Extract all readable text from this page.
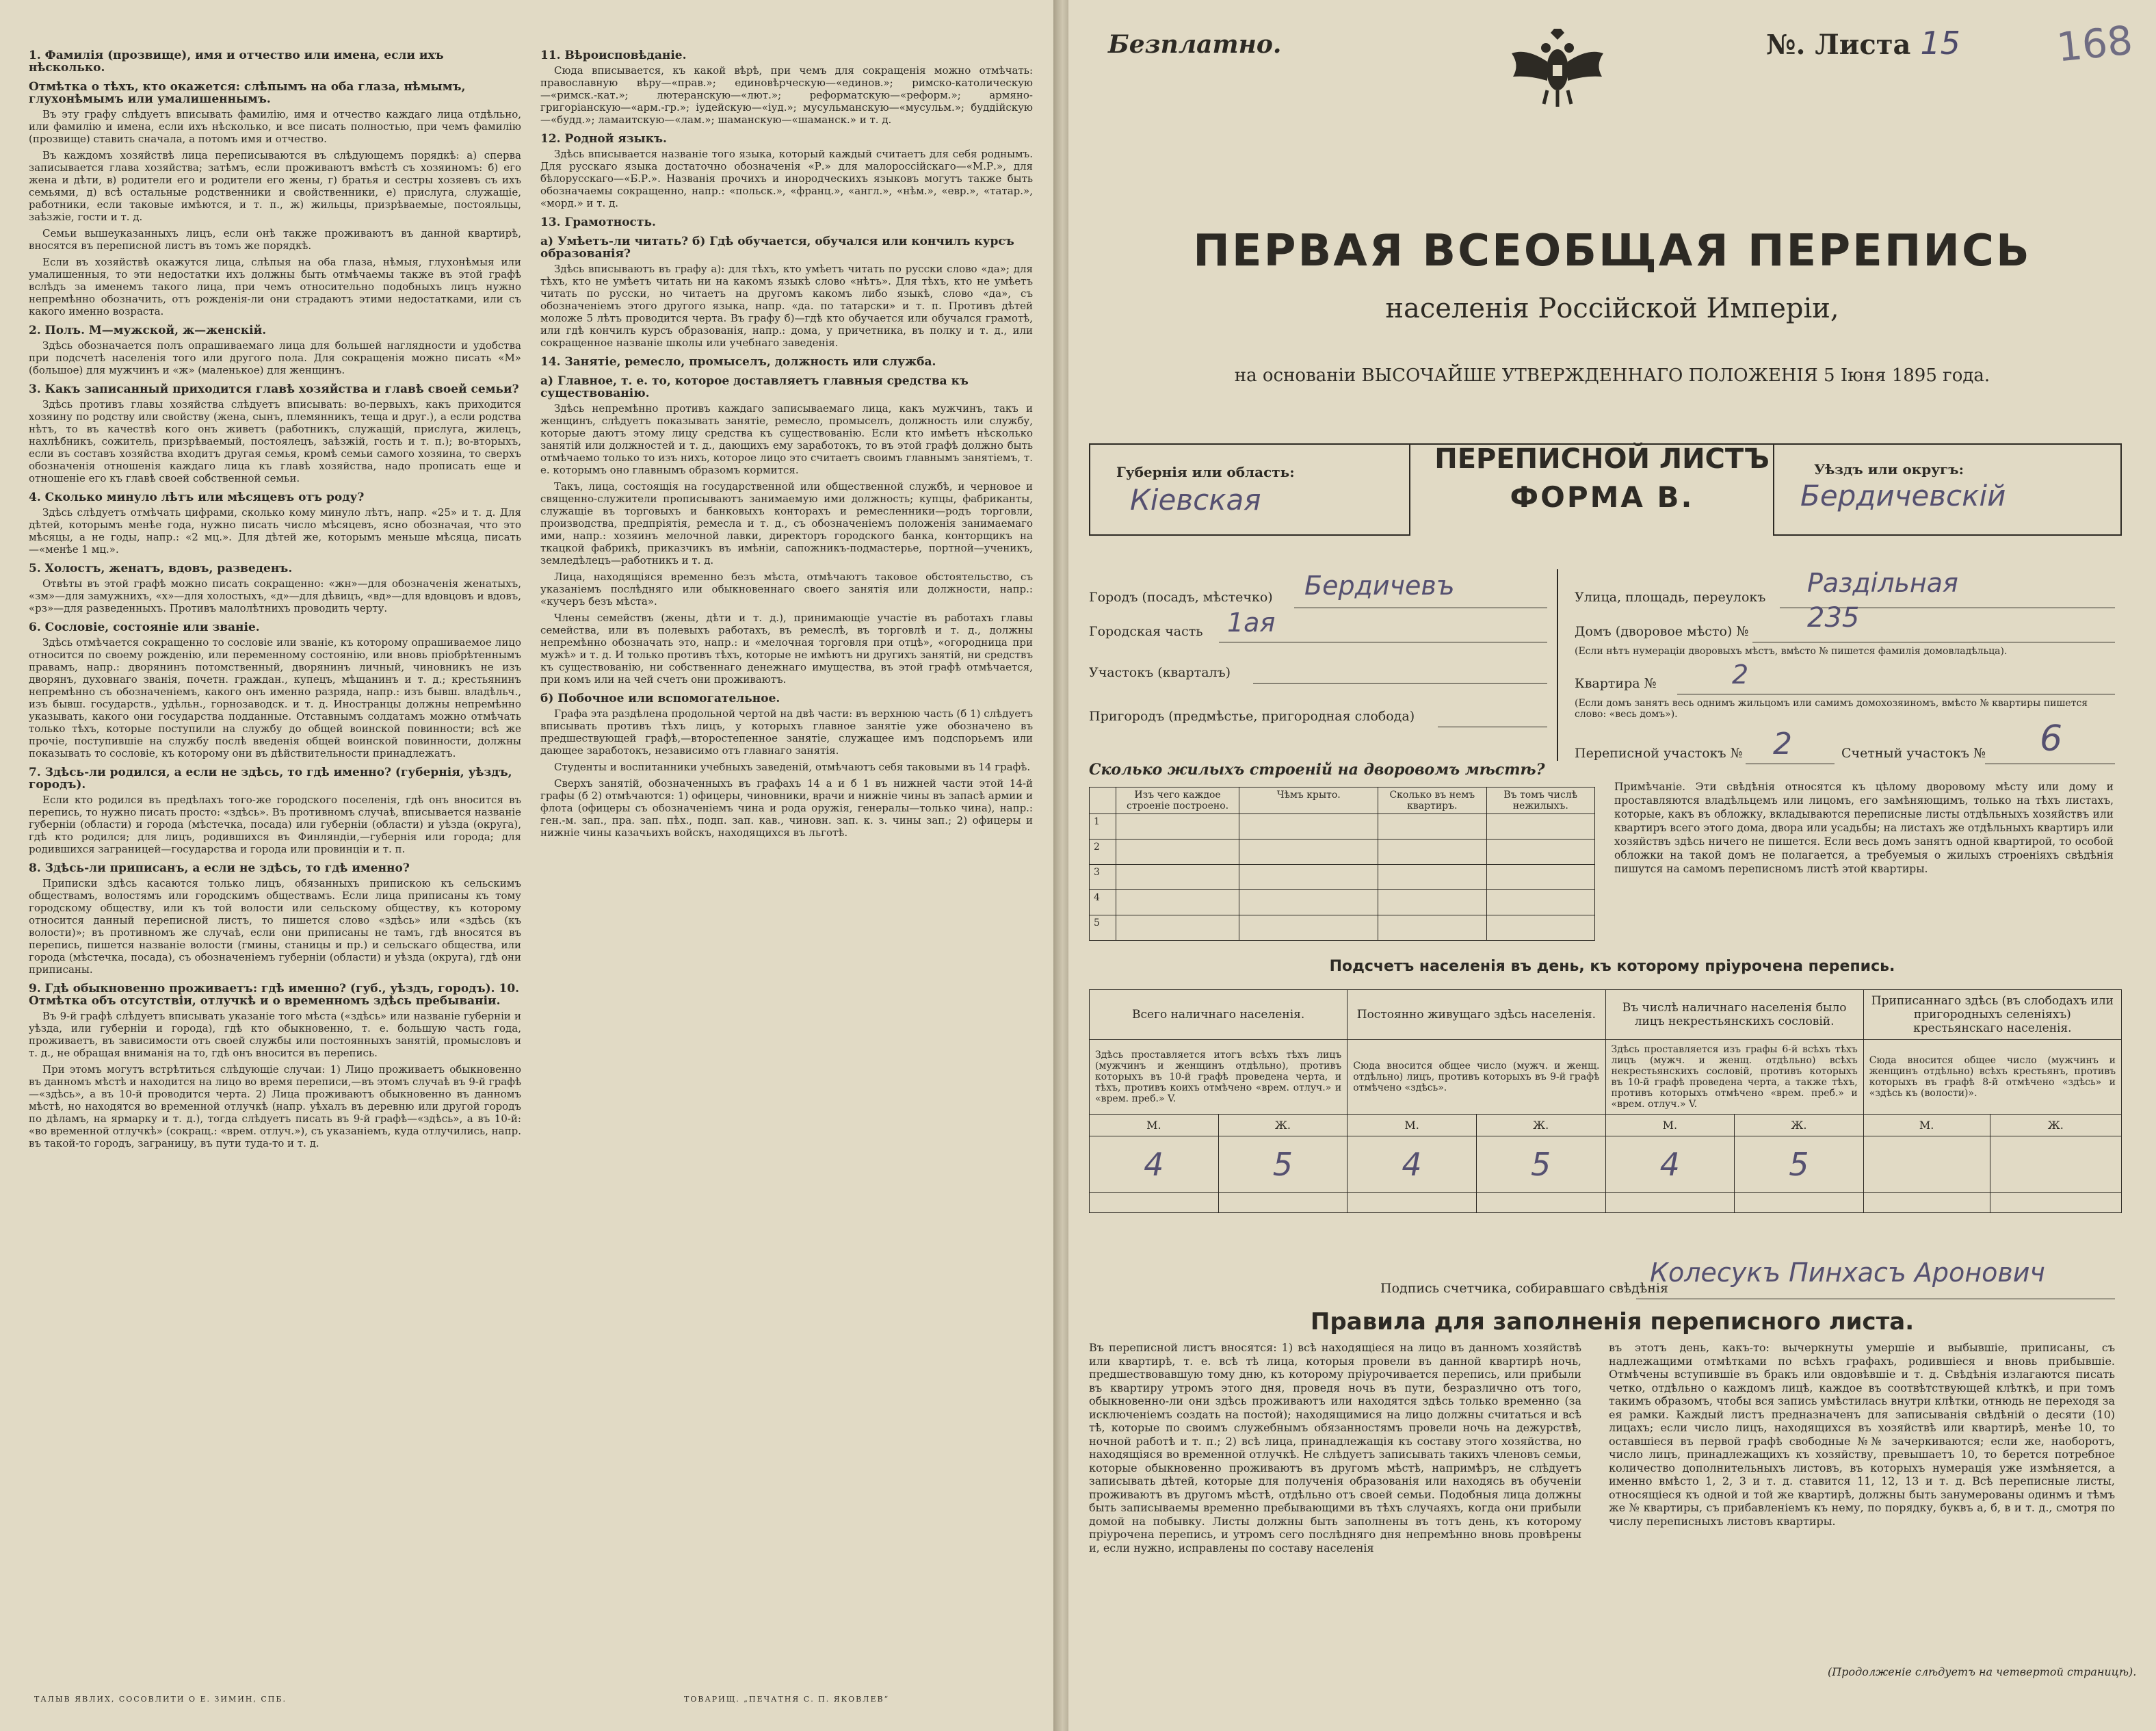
1. Фамилія (прозвище), имя и отчество или имена, если ихъ нѣсколько.
Отмѣтка о тѣхъ, кто окажется: слѣпымъ на оба глаза, нѣмымъ, глухонѣмымъ или умалишеннымъ.

Въ эту графу слѣдуетъ вписывать фамилію, имя и отчество каждаго лица отдѣльно, или фамилію и имена, если ихъ нѣсколько, и все писать полностью, при чемъ фамилію (прозвище) ставить сначала, а потомъ имя и отчество.

Въ каждомъ хозяйствѣ лица переписываются въ слѣдующемъ порядкѣ: а) сперва записывается глава хозяйства; затѣмъ, если проживаютъ вмѣстѣ съ хозяиномъ: б) его жена и дѣти, в) родители его и родители его жены, г) братья и сестры хозяевъ съ ихъ семьями, д) всѣ остальные родственники и свойственники, е) прислуга, служащіе, работники, если таковые имѣются, и т. п., ж) жильцы, призрѣваемые, постояльцы, заѣзжіе, гости и т. д.

Семьи вышеуказанныхъ лицъ, если онѣ также проживаютъ въ данной квартирѣ, вносятся въ переписной листъ въ томъ же порядкѣ.

Если въ хозяйствѣ окажутся лица, слѣпыя на оба глаза, нѣмыя, глухонѣмыя или умалишенныя, то эти недостатки ихъ должны быть отмѣчаемы также въ этой графѣ вслѣдъ за именемъ такого лица, при чемъ относительно подобныхъ лицъ нужно непремѣнно обозначить, отъ рожденія-ли они страдаютъ этими недостатками, или съ какого именно возраста.

2. Полъ. М—мужской, ж—женскій.

Здѣсь обозначается полъ опрашиваемаго лица для большей наглядности и удобства при подсчетѣ населенія того или другого пола. Для сокращенія можно писать «М» (большое) для мужчинъ и «ж» (маленькое) для женщинъ.

3. Какъ записанный приходится главѣ хозяйства и главѣ своей семьи?

Здѣсь противъ главы хозяйства слѣдуетъ вписывать: во-первыхъ, какъ приходится хозяину по родству или свойству (жена, сынъ, племянникъ, теща и друг.), а если родства нѣтъ, то въ качествѣ кого онъ живетъ (работникъ, служащій, прислуга, жилецъ, нахлѣбникъ, сожитель, призрѣваемый, постоялецъ, заѣзжій, гость и т. п.); во-вторыхъ, если въ составъ хозяйства входитъ другая семья, кромѣ семьи самого хозяина, то сверхъ обозначенія отношенія каждаго лица къ главѣ хозяйства, надо прописать еще и отношеніе его къ главѣ своей собственной семьи.

4. Сколько минуло лѣтъ или мѣсяцевъ отъ роду?

Здѣсь слѣдуетъ отмѣчать цифрами, сколько кому минуло лѣтъ, напр. «25» и т. д. Для дѣтей, которымъ менѣе года, нужно писать число мѣсяцевъ, ясно обозначая, что это мѣсяцы, а не годы, напр.: «2 мц.». Для дѣтей же, которымъ меньше мѣсяца, писать—«менѣе 1 мц.».

5. Холостъ, женатъ, вдовъ, разведенъ.

Отвѣты въ этой графѣ можно писать сокращенно: «жн»—для обозначенія женатыхъ, «зм»—для замужнихъ, «х»—для холостыхъ, «д»—для дѣвицъ, «вд»—для вдовцовъ и вдовъ, «рз»—для разведенныхъ. Противъ малолѣтнихъ проводить черту.

6. Сословіе, состояніе или званіе.

Здѣсь отмѣчается сокращенно то сословіе или званіе, къ которому опрашиваемое лицо относится по своему рожденію, или переменному состоянію, или вновь пріобрѣтеннымъ правамъ, напр.: дворянинъ потомственный, дворянинъ личный, чиновникъ не изъ дворянъ, духовнаго званія, почетн. граждан., купецъ, мѣщанинъ и т. д.; крестьянинъ непремѣнно съ обозначеніемъ, какого онъ именно разряда, напр.: изъ бывш. владѣльч., изъ бывш. государств., удѣльн., горнозаводск. и т. д. Иностранцы должны непремѣнно указывать, какого они государства подданные. Отставнымъ солдатамъ можно отмѣчать только тѣхъ, которые поступили на службу до общей воинской повинности; всѣ же прочіе, поступившіе на службу послѣ введенія общей воинской повинности, должны показывать то сословіе, къ которому они въ дѣйствительности принадлежатъ.

7. Здѣсь-ли родился, а если не здѣсь, то гдѣ именно? (губернія, уѣздъ, городъ).

Если кто родился въ предѣлахъ того-же городского поселенія, гдѣ онъ вносится въ перепись, то нужно писать просто: «здѣсь». Въ противномъ случаѣ, вписывается названіе губерніи (области) и города (мѣстечка, посада) или губерніи (области) и уѣзда (округа), гдѣ кто родился; для лицъ, родившихся въ Финляндіи,—губернія или города; для родившихся заграницей—государства и города или провинціи и т. п.

8. Здѣсь-ли приписанъ, а если не здѣсь, то гдѣ именно?

Приписки здѣсь касаются только лицъ, обязанныхъ припискою къ сельскимъ обществамъ, волостямъ или городскимъ обществамъ. Если лица приписаны къ тому городскому обществу, или къ той волости или сельскому обществу, къ которому относится данный переписной листъ, то пишется слово «здѣсь» или «здѣсь (къ волости)»; въ противномъ же случаѣ, если они приписаны не тамъ, гдѣ вносятся въ перепись, пишется названіе волости (гмины, станицы и пр.) и сельскаго общества, или города (мѣстечка, посада), съ обозначеніемъ губерніи (области) и уѣзда (округа), гдѣ они приписаны.

9. Гдѣ обыкновенно проживаетъ: гдѣ именно? (губ., уѣздъ, городъ). 10. Отмѣтка объ отсутствіи, отлучкѣ и о временномъ здѣсь пребываніи.

Въ 9-й графѣ слѣдуетъ вписывать указаніе того мѣста («здѣсь» или названіе губерніи и уѣзда, или губерніи и города), гдѣ кто обыкновенно, т. е. большую часть года, проживаетъ, въ зависимости отъ своей службы или постоянныхъ занятій, промысловъ и т. д., не обращая вниманія на то, гдѣ онъ вносится въ перепись.

При этомъ могутъ встрѣтиться слѣдующіе случаи: 1) Лицо проживаетъ обыкновенно въ данномъ мѣстѣ и находится на лицо во время переписи,—въ этомъ случаѣ въ 9-й графѣ—«здѣсь», а въ 10-й проводится черта. 2) Лица проживаютъ обыкновенно въ данномъ мѣстѣ, но находятся во временной отлучкѣ (напр. уѣхалъ въ деревню или другой городъ по дѣламъ, на ярмарку и т. д.), тогда слѣдуетъ писать въ 9-й графѣ—«здѣсь», а въ 10-й: «во временной отлучкѣ» (сокращ.: «врем. отлуч.»), съ указаніемъ, куда отлучились, напр. въ такой-то городъ, заграницу, въ пути туда-то и т. д.

11. Вѣроисповѣданіе.

Сюда вписывается, къ какой вѣрѣ, при чемъ для сокращенія можно отмѣчать: православную вѣру—«прав.»; единовѣрческую—«единов.»; римско-католическую—«римск.-кат.»; лютеранскую—«лют.»; реформатскую—«реформ.»; армяно-григоріанскую—«арм.-гр.»; іудейскую—«іуд.»; мусульманскую—«мусульм.»; буддійскую—«будд.»; ламаитскую—«лам.»; шаманскую—«шаманск.» и т. д.

12. Родной языкъ.

Здѣсь вписывается названіе того языка, который каждый считаетъ для себя роднымъ. Для русскаго языка достаточно обозначенія «Р.» для малороссійскаго—«М.Р.», для бѣлорусскаго—«Б.Р.». Названія прочихъ и инородческихъ языковъ могутъ также быть обозначаемы сокращенно, напр.: «польск.», «франц.», «англ.», «нѣм.», «евр.», «татар.», «морд.» и т. д.

13. Грамотность.
а) Умѣетъ-ли читать? б) Гдѣ обучается, обучался или кончилъ курсъ образованія?

Здѣсь вписываютъ въ графу а): для тѣхъ, кто умѣетъ читать по русски слово «да»; для тѣхъ, кто не умѣетъ читать ни на какомъ языкѣ слово «нѣтъ». Для тѣхъ, кто не умѣетъ читать по русски, но читаетъ на другомъ какомъ либо языкѣ, слово «да», съ обозначеніемъ этого другого языка, напр. «да. по татарски» и т. п. Противъ дѣтей моложе 5 лѣтъ проводится черта. Въ графу б)—гдѣ кто обучается или обучался грамотѣ, или гдѣ кончилъ курсъ образованія, напр.: дома, у причетника, въ полку и т. д., или сокращенное названіе школы или учебнаго заведенія.

14. Занятіе, ремесло, промыселъ, должность или служба.
а) Главное, т. е. то, которое доставляетъ главныя средства къ существованію.

Здѣсь непремѣнно противъ каждаго записываемаго лица, какъ мужчинъ, такъ и женщинъ, слѣдуетъ показывать занятіе, ремесло, промыселъ, должность или службу, которые даютъ этому лицу средства къ существованію. Если кто имѣетъ нѣсколько занятій или должностей и т. д., дающихъ ему заработокъ, то въ этой графѣ должно быть отмѣчаемо только то изъ нихъ, которое лицо это считаетъ своимъ главнымъ занятіемъ, т. е. которымъ оно главнымъ образомъ кормится.

Такъ, лица, состоящія на государственной или общественной службѣ, и черновое и священно-служители прописываютъ занимаемую ими должность; купцы, фабриканты, служащіе въ торговыхъ и банковыхъ конторахъ и ремесленники—родъ торговли, производства, предпріятія, ремесла и т. д., съ обозначеніемъ положенія занимаемаго ими, напр.: хозяинъ мелочной лавки, директоръ городского банка, конторщикъ на ткацкой фабрикѣ, приказчикъ въ имѣніи, сапожникъ-подмастерье, портной—ученикъ, земледѣлецъ—работникъ и т. д.

Лица, находящіяся временно безъ мѣста, отмѣчаютъ таковое обстоятельство, съ указаніемъ послѣдняго или обыкновеннаго своего занятія или должности, напр.: «кучеръ безъ мѣста».

Члены семействъ (жены, дѣти и т. д.), принимающіе участіе въ работахъ главы семейства, или въ полевыхъ работахъ, въ ремеслѣ, въ торговлѣ и т. д., должны непремѣнно обозначать это, напр.: и «мелочная торговля при отцѣ», «огородница при мужѣ» и т. д. И только противъ тѣхъ, которые не имѣютъ ни другихъ занятій, ни средствъ къ существованію, ни собственнаго денежнаго имущества, въ этой графѣ отмѣчается, при комъ или на чей счетъ они проживаютъ.

б) Побочное или вспомогательное.

Графа эта раздѣлена продольной чертой на двѣ части: въ верхнюю часть (б 1) слѣдуетъ вписывать противъ тѣхъ лицъ, у которыхъ главное занятіе уже обозначено въ предшествующей графѣ,—второстепенное занятіе, служащее имъ подспорьемъ или дающее заработокъ, независимо отъ главнаго занятія.

Студенты и воспитанники учебныхъ заведеній, отмѣчаютъ себя таковыми въ 14 графѣ.

Сверхъ занятій, обозначенныхъ въ графахъ 14 а и б 1 въ нижней части этой 14-й графы (б 2) отмѣчаются: 1) офицеры, чиновники, врачи и нижніе чины въ запасѣ армии и флота (офицеры съ обозначеніемъ чина и рода оружія, генералы—только чина), напр.: ген.-м. зап., пра. зап. пѣх., подп. зап. кав., чиновн. зап. к. з. чины зап.; 2) офицеры и нижніе чины казачьихъ войскъ, находящихся въ льготѣ.

ТАЛЫВ ЯВЛИХ, СОСОВЛИТИ О Е. ЗИМИН, СПБ.	ТОВАРИЩ. „ПЕЧАТНЯ С. П. ЯКОВЛЕВ“
Безплатно.	№. Листа 15 168
ПЕРВАЯ ВСЕОБЩАЯ ПЕРЕПИСЬ
населенія Россійской Имперіи,
на основаніи ВЫСОЧАЙШЕ УТВЕРЖДЕННАГО ПОЛОЖЕНІЯ 5 Іюня 1895 года.
Губернія или область:
Кіевская
ПЕРЕПИСНОЙ ЛИСТЪ
ФОРМА В.
Уѣздъ или округъ:
Бердичевскій
Городъ (посадъ, мѣстечко) Бердичевъ
Городская часть 1ая
Участокъ (кварталъ)
Пригородъ (предмѣстье, пригородная слобода)
Улица, площадь, переулокъ Раздільная
Домъ (дворовое мѣсто) № 235
(Если нѣтъ нумераціи дворовыхъ мѣстъ, вмѣсто № пишется фамилія домовладѣльца).
Квартира №	2
(Если домъ занятъ весь однимъ жильцомъ или самимъ домохозяиномъ, вмѣсто № квартиры пишется слово: «весь домъ»).
Переписной участокъ № 2	Счетный участокъ № 6
Сколько жилыхъ строеній на дворовомъ мѣстѣ?
	Изъ чего каждое строеніе построено.	Чѣмъ крыто.	Сколько въ немъ квартиръ.	Въ томъ числѣ нежилыхъ.
1				
2				
3				
4				
5				
Примѣчаніе. Эти свѣдѣнія относятся къ цѣлому дворовому мѣсту или дому и проставляются владѣльцемъ или лицомъ, его замѣняющимъ, только на тѣхъ листахъ, которые, какъ въ обложку, вкладываются переписные листы отдѣльныхъ хозяйствъ или квартиръ всего этого дома, двора или усадьбы; на листахъ же отдѣльныхъ квартиръ или хозяйствъ здѣсь ничего не пишется. Если весь домъ занятъ одной квартирой, то особой обложки на такой домъ не полагается, а требуемыя о жилыхъ строеніяхъ свѣдѣнія пишутся на самомъ переписномъ листѣ этой квартиры.
Подсчетъ населенія въ день, къ которому пріурочена перепись.
Всего наличнаго населенія.		Постоянно живущаго здѣсь населенія.		Въ числѣ наличнаго населенія было лицъ некрестьянскихъ сословій.		Приписаннаго здѣсь (въ слободахъ или пригородныхъ селеніяхъ) крестьянскаго населенія.	
Здѣсь проставляется итогъ всѣхъ тѣхъ лицъ (мужчинъ и женщинъ отдѣльно), противъ которыхъ въ 10-й графѣ проведена черта, и тѣхъ, противъ коихъ отмѣчено «врем. отлуч.» и «врем. преб.» V.		Сюда вносится общее число (мужч. и женщ. отдѣльно) лицъ, противъ которыхъ въ 9-й графѣ отмѣчено «здѣсь».		Здѣсь проставляется изъ графы 6-й всѣхъ тѣхъ лицъ (мужч. и женщ. отдѣльно) всѣхъ некрестьянскихъ сословій, противъ которыхъ въ 10-й графѣ проведена черта, а также тѣхъ, противъ которыхъ отмѣчено «врем. преб.» и «врем. отлуч.» V.		Сюда вносится общее число (мужчинъ и женщинъ отдѣльно) всѣхъ крестьянъ, противъ которыхъ въ графѣ 8-й отмѣчено «здѣсь» и «здѣсь къ (волости)».	
М.	Ж.	М.	Ж.	М.	Ж.	М.	Ж.
4	5	4	5	4	5		

Подпись счетчика, собиравшаго свѣдѣнія
Колесукъ Пинхасъ Аронович
Правила для заполненія переписного листа.
Въ переписной листъ вносятся: 1) всѣ находящіеся на лицо въ данномъ хозяйствѣ или квартирѣ, т. е. всѣ тѣ лица, которыя провели въ данной квартирѣ ночь, предшествовавшую тому дню, къ которому пріурочивается перепись, или прибыли въ квартиру утромъ этого дня, проведя ночь въ пути, безразлично отъ того, обыкновенно-ли они здѣсь проживаютъ или находятся здѣсь только временно (за исключеніемъ создать на постой); находящимися на лицо должны считаться и всѣ тѣ, которые по своимъ служебнымъ обязанностямъ провели ночь на дежурствѣ, ночной работѣ и т. п.; 2) всѣ лица, принадлежащія къ составу этого хозяйства, но находящіяся во временной отлучкѣ. Не слѣдуетъ записывать такихъ членовъ семьи, которые обыкновенно проживаютъ въ другомъ мѣстѣ, напримѣръ, не слѣдуетъ записывать дѣтей, которые для полученія образованія или находясь въ обученіи проживаютъ въ другомъ мѣстѣ, отдѣльно отъ своей семьи. Подобныя лица должны быть записываемы временно пребывающими въ тѣхъ случаяхъ, когда они прибыли домой на побывку. Листы должны быть заполнены въ тотъ день, къ которому пріурочена перепись, и утромъ сего послѣдняго дня непремѣнно вновь провѣрены и, если нужно, исправлены по составу населенія
въ этотъ день, какъ-то: вычеркнуты умершіе и выбывшіе, приписаны, съ надлежащими отмѣтками по всѣхъ графахъ, родившіеся и вновь прибывшіе. Отмѣчены вступившіе въ бракъ или овдовѣвшіе и т. д. Свѣдѣнія излагаются писать четко, отдѣльно о каждомъ лицѣ, каждое въ соотвѣтствующей клѣткѣ, и при томъ такимъ образомъ, чтобы вся запись умѣстилась внутри клѣтки, отнюдь не переходя за ея рамки. Каждый листъ предназначенъ для записыванія свѣдѣній о десяти (10) лицахъ; если число лицъ, находящихся въ хозяйствѣ или квартирѣ, менѣе 10, то оставшіеся въ первой графѣ свободные №№ зачеркиваются; если же, наоборотъ, число лицъ, принадлежащихъ къ хозяйству, превышаетъ 10, то берется потребное количество дополнительныхъ листовъ, въ которыхъ нумерація уже измѣняется, а именно вмѣсто 1, 2, 3 и т. д. ставится 11, 12, 13 и т. д. Всѣ переписные листы, относящіеся къ одной и той же квартирѣ, должны быть занумерованы одинмъ и тѣмъ же № квартиры, съ прибавленіемъ къ нему, по порядку, буквъ а, б, в и т. д., смотря по числу переписныхъ листовъ квартиры.
(Продолженіе слѣдуетъ на четвертой страницѣ).
